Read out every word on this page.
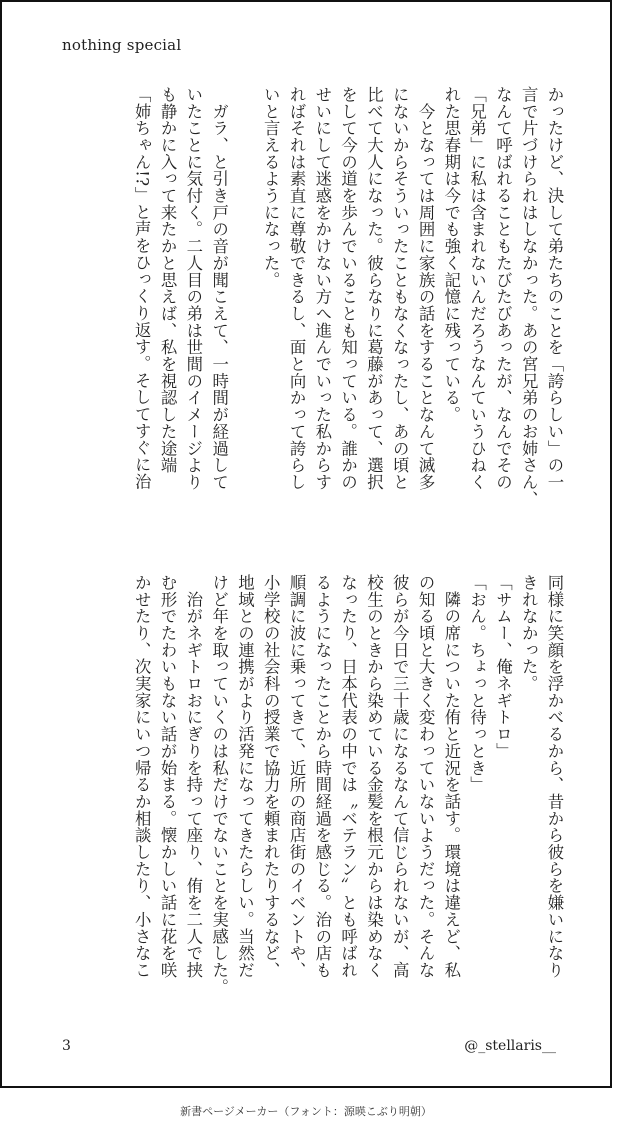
nothing special

かったけど、決して弟たちのことを「誇らしい」の一

言で片づけられはしなかった。あの宮兄弟のお姉さん、

なんて呼ばれることもたびたびあったが、なんでその

「兄弟」に私は含まれないんだろうなんていうひねく

れた思春期は今でも強く記憶に残っている。

　今となっては周囲に家族の話をすることなんて滅多

にないからそういったこともなくなったし、あの頃と

比べて大人になった。彼らなりに葛藤があって、選択

をして今の道を歩んでいることも知っている。誰かの

せいにして迷惑をかけない方へ進んでいった私からす

ればそれは素直に尊敬できるし、面と向かって誇らし

いと言えるようになった。

　ガラ、と引き戸の音が聞こえて、一時間が経過して

いたことに気付く。二人目の弟は世間のイメージより

も静かに入って来たかと思えば、私を視認した途端

「姉ちゃん!?」と声をひっくり返す。そしてすぐに治

同様に笑顔を浮かべるから、昔から彼らを嫌いになり

きれなかった。

「サムー、俺ネギトロ」

「おん。ちょっと待っとき」

　隣の席についた侑と近況を話す。環境は違えど、私

の知る頃と大きく変わっていないようだった。そんな

彼らが今日で三十歳になるなんて信じられないが、高

校生のときから染めている金髪を根元からは染めなく

なったり、日本代表の中では〝ベテラン〟とも呼ばれ

るようになったことから時間経過を感じる。治の店も

順調に波に乗ってきて、近所の商店街のイベントや、

小学校の社会科の授業で協力を頼まれたりするなど、

地域との連携がより活発になってきたらしい。当然だ

けど年を取っていくのは私だけでないことを実感した。

　治がネギトロおにぎりを持って座り、侑を二人で挟

む形でたわいもない話が始まる。懐かしい話に花を咲

かせたり、次実家にいつ帰るか相談したり、小さなこ

3	@_stellaris__
新書ページメーカー（フォント：源暎こぶり明朝）
